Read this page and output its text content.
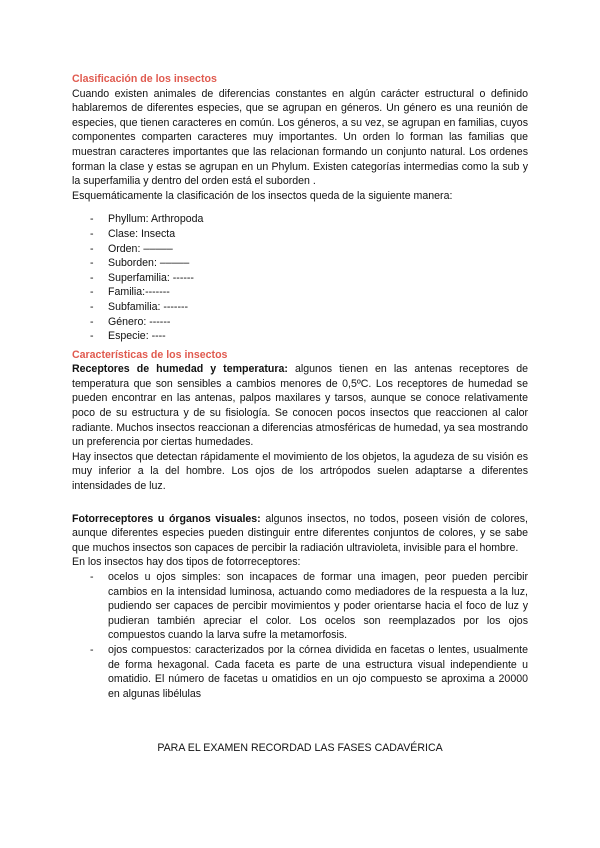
Clasificación de los insectos

Cuando existen animales de diferencias constantes en algún carácter estructural o definido hablaremos de diferentes especies, que se agrupan en géneros. Un género es una reunión de especies, que tienen caracteres en común. Los géneros, a su vez, se agrupan en familias, cuyos componentes comparten caracteres muy importantes. Un orden lo forman las familias que muestran caracteres importantes que las relacionan formando un conjunto natural. Los ordenes forman la clase y estas se agrupan en un Phylum. Existen categorías intermedias como la sub y la superfamilia y dentro del orden está el suborden .

Esquemáticamente la clasificación de los insectos queda de la siguiente manera:

- Phyllum: Arthropoda
- Clase: Insecta
- Orden: –––––
- Suborden: –––––
- Superfamilia: ------
- Familia:-------
- Subfamilia: -------
- Género: ------
- Especie: ----
Características de los insectos

Receptores de humedad y temperatura: algunos tienen en las antenas receptores de temperatura que son sensibles a cambios menores de 0,5ºC. Los receptores de humedad se pueden encontrar en las antenas, palpos maxilares y tarsos, aunque se conoce relativamente poco de su estructura y de su fisiología. Se conocen pocos insectos que reaccionen al calor radiante. Muchos insectos reaccionan a diferencias atmosféricas de humedad, ya sea mostrando un preferencia por ciertas humedades.

Hay insectos que detectan rápidamente el movimiento de los objetos, la agudeza de su visión es muy inferior a la del hombre. Los ojos de los artrópodos suelen adaptarse a diferentes intensidades de luz.

Fotorreceptores u órganos visuales: algunos insectos, no todos, poseen visión de colores, aunque diferentes especies pueden distinguir entre diferentes conjuntos de colores, y se sabe que muchos insectos son capaces de percibir la radiación ultravioleta, invisible para el hombre.

En los insectos hay dos tipos de fotorreceptores:

- ocelos u ojos simples: son incapaces de formar una imagen, peor pueden percibir cambios en la intensidad luminosa, actuando como mediadores de la respuesta a la luz, pudiendo ser capaces de percibir movimientos y poder orientarse hacia el foco de luz y pudieran también apreciar el color. Los ocelos son reemplazados por los ojos compuestos cuando la larva sufre la metamorfosis.
- ojos compuestos: caracterizados por la córnea dividida en facetas o lentes, usualmente de forma hexagonal. Cada faceta es parte de una estructura visual independiente u omatidio. El número de facetas u omatidios en un ojo compuesto se aproxima a 20000 en algunas libélulas
PARA EL EXAMEN RECORDAD LAS FASES CADAVÉRICA
